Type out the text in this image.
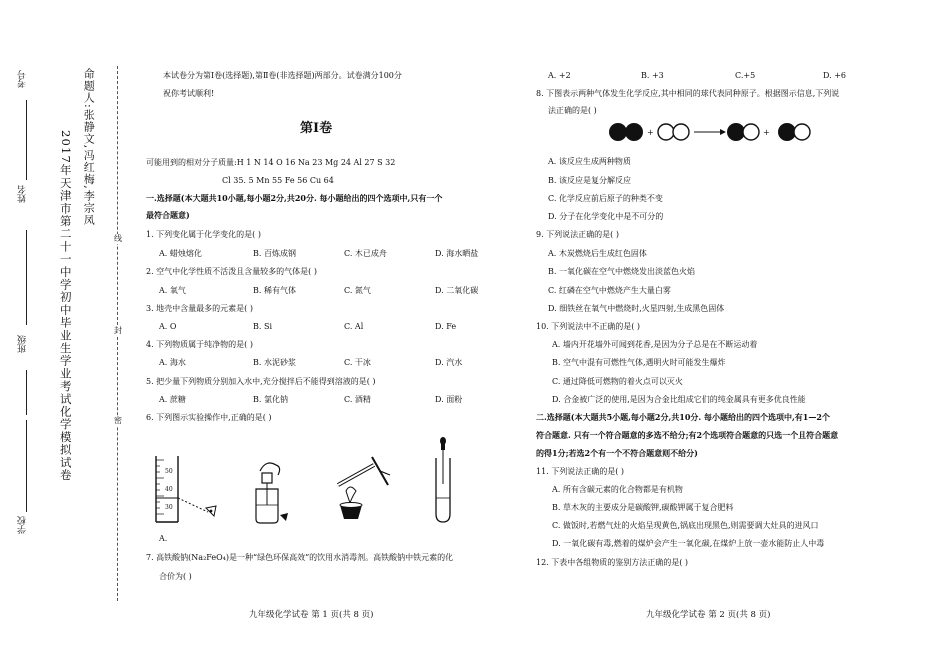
学校
班级
姓名
考号
2017年天津市第二十一中学初中毕业生学业考试化学模拟试卷 命题人:张静文,冯红梅,李宗凤
线
封
密
本试卷分为第Ⅰ卷(选择题),第Ⅱ卷(非选择题)两部分。试卷满分100分
祝你考试顺利!
第Ⅰ卷
可能用到的相对分子质量:H 1 N 14 O 16 Na 23 Mg 24 Al 27 S 32
Cl 35. 5 Mn 55 Fe 56 Cu 64
一.选择题(本大题共10小题,每小题2分,共20分. 每小题给出的四个选项中,只有一个
最符合题意)
1. 下列变化属于化学变化的是( )
A. 蜡烛熔化	B. 百炼成钢	C. 木已成舟	D. 海水晒盐
2. 空气中化学性质不活泼且含量较多的气体是( )
A. 氧气	B. 稀有气体	C. 氮气	D. 二氧化碳
3. 地壳中含量最多的元素是( )
A. O	B. Si	C. Al	D. Fe
4. 下列物质属于纯净物的是( )
A. 海水	B. 水泥砂浆	C. 干冰	D. 汽水
5. 把少量下列物质分别加入水中,充分搅拌后不能得到溶液的是( )
A. 蔗糖	B. 氯化钠	C. 酒精	D. 面粉
6. 下列图示实验操作中,正确的是( )
50
40
30
A.
7. 高铁酸钠(Na₂FeO₄)是一种“绿色环保高效”的饮用水消毒剂。高铁酸钠中铁元素的化
合价为( )
九年级化学试卷 第 1 页(共 8 页)
A. +2	B. +3	C.+5	D. +6
8. 下图表示两种气体发生化学反应,其中相同的球代表同种原子。根据图示信息,下列说
法正确的是( )
+	+
A. 该反应生成两种物质
B. 该反应是复分解反应
C. 化学反应前后原子的种类不变
D. 分子在化学变化中是不可分的
9. 下列说法正确的是( )
A. 木炭燃烧后生成红色固体
B. 一氧化碳在空气中燃烧发出淡蓝色火焰
C. 红磷在空气中燃烧产生大量白雾
D. 细铁丝在氧气中燃烧时,火星四射,生成黑色固体
10. 下列说法中不正确的是( )
A. 墙内开花墙外可闻到花香,是因为分子总是在不断运动着
B. 空气中混有可燃性气体,遇明火时可能发生爆炸
C. 通过降低可燃物的着火点可以灭火
D. 合金被广泛的使用,是因为合金比组成它们的纯金属具有更多优良性能
二.选择题(本大题共5小题,每小题2分,共10分. 每小题给出的四个选项中,有1—2个
符合题意. 只有一个符合题意的多选不给分;有2个选项符合题意的只选一个且符合题意
的得1分;若选2个有一个不符合题意则不给分)
11. 下列说法正确的是( )
A. 所有含碳元素的化合物都是有机物
B. 草木灰的主要成分是碳酸钾,碳酸钾属于复合肥料
C. 做饭时,若燃气灶的火焰呈现黄色,锅底出现黑色,则需要调大灶具的进风口
D. 一氧化碳有毒,燃着的煤炉会产生一氧化碳,在煤炉上放一壶水能防止人中毒
12. 下表中各组物质的鉴别方法正确的是( )
九年级化学试卷 第 2 页(共 8 页)
